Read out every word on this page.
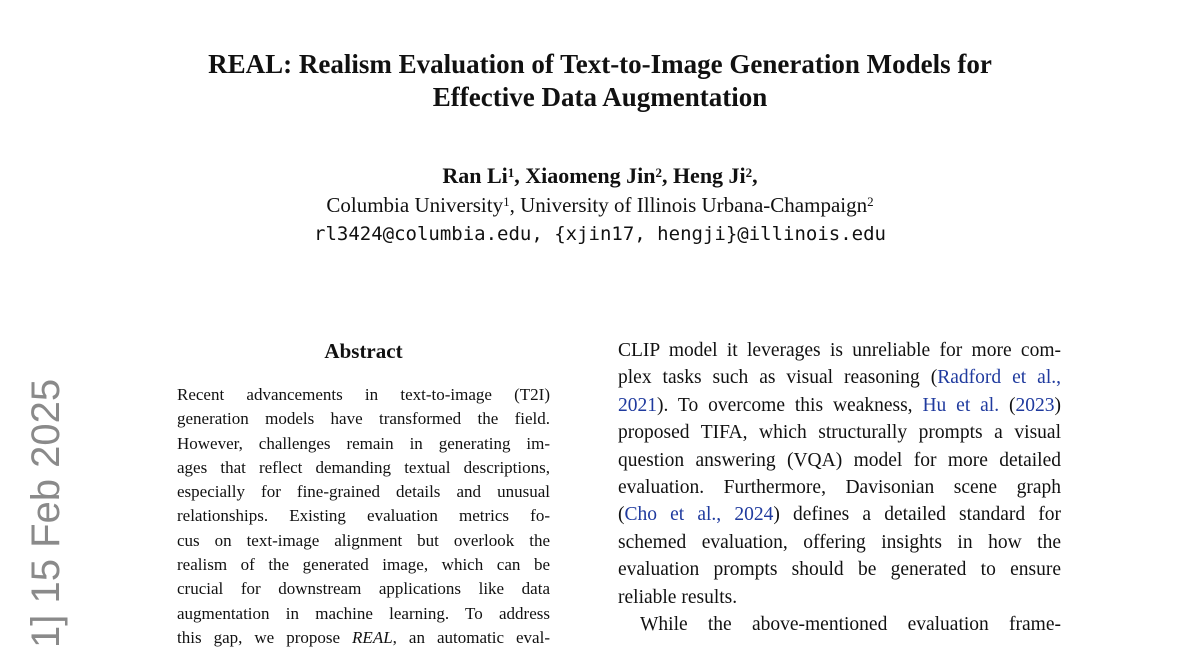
REAL: Realism Evaluation of Text-to-Image Generation Models for
Effective Data Augmentation
Ran Li$^1$, Xiaomeng Jin$^2$, Heng Ji$^2$,
Columbia University$^1$, University of Illinois Urbana-Champaign$^2$
rl3424@columbia.edu, {xjin17, hengji}@illinois.edu
Abstract
Recent advancements in text-to-image (T2I)
generation models have transformed the field.
However, challenges remain in generating im-
ages that reflect demanding textual descriptions,
especially for fine-grained details and unusual
relationships. Existing evaluation metrics fo-
cus on text-image alignment but overlook the
realism of the generated image, which can be
crucial for downstream applications like data
augmentation in machine learning. To address
this gap, we propose REAL, an automatic eval-
CLIP model it leverages is unreliable for more com-
plex tasks such as visual reasoning (Radford et al.,
2021). To overcome this weakness, Hu et al. (2023)
proposed TIFA, which structurally prompts a visual
question answering (VQA) model for more detailed
evaluation. Furthermore, Davisonian scene graph
(Cho et al., 2024) defines a detailed standard for
schemed evaluation, offering insights in how the
evaluation prompts should be generated to ensure
reliable results.
While the above-mentioned evaluation frame-
1] 15 Feb 2025
